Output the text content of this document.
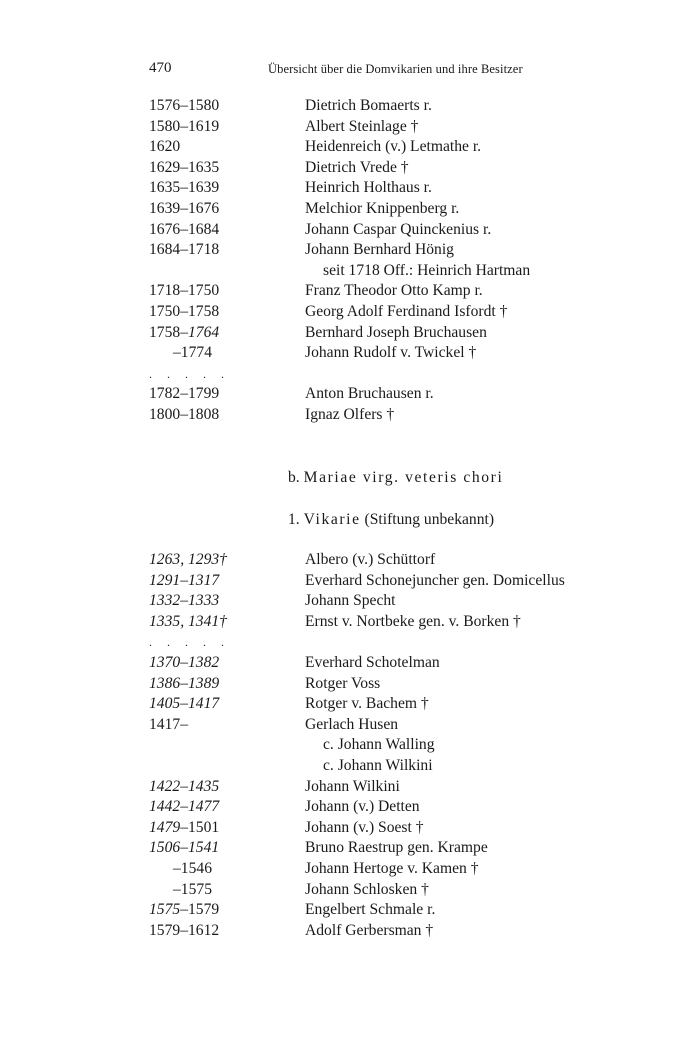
470	Übersicht über die Domvikarien und ihre Besitzer
1576–1580	Dietrich Bomaerts r.
1580–1619	Albert Steinlage †
1620	Heidenreich (v.) Letmathe r.
1629–1635	Dietrich Vrede †
1635–1639	Heinrich Holthaus r.
1639–1676	Melchior Knippenberg r.
1676–1684	Johann Caspar Quinckenius r.
1684–1718	Johann Bernhard Hönig
seit 1718 Off.: Heinrich Hartman
1718–1750	Franz Theodor Otto Kamp r.
1750–1758	Georg Adolf Ferdinand Isfordt †
1758–1764	Bernhard Joseph Bruchausen
–1774	Johann Rudolf v. Twickel †
. . . . .
1782–1799	Anton Bruchausen r.
1800–1808	Ignaz Olfers †
b. Mariae virg. veteris chori
1. Vikarie (Stiftung unbekannt)
1263, 1293†	Albero (v.) Schüttorf
1291–1317	Everhard Schonejuncher gen. Domicellus
1332–1333	Johann Specht
1335, 1341†	Ernst v. Nortbeke gen. v. Borken †
. . . . .
1370–1382	Everhard Schotelman
1386–1389	Rotger Voss
1405–1417	Rotger v. Bachem †
1417–	Gerlach Husen
c. Johann Walling
c. Johann Wilkini
1422–1435	Johann Wilkini
1442–1477	Johann (v.) Detten
1479–1501	Johann (v.) Soest †
1506–1541	Bruno Raestrup gen. Krampe
–1546	Johann Hertoge v. Kamen †
–1575	Johann Schlosken †
1575–1579	Engelbert Schmale r.
1579–1612	Adolf Gerbersman †
